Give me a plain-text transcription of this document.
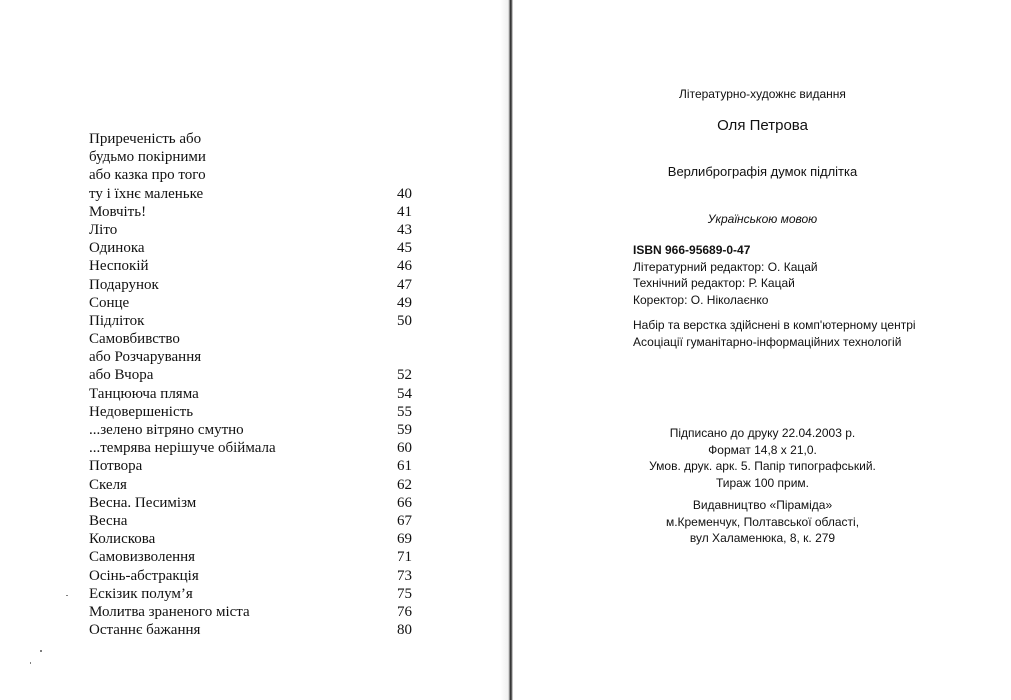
Приреченість або
будьмо покірними
або казка про того
ту і їхнє маленьке	40
Мовчіть!	41
Літо	43
Одинока	45
Неспокій	46
Подарунок	47
Сонце	49
Підліток	50
Самовбивство
або Розчарування
або Вчора	52
Танцююча пляма	54
Недовершеність	55
...зелено вітряно смутно	59
...темрява нерішуче обіймала	60
Потвора	61
Скеля	62
Весна. Песимізм	66
Весна	67
Колискова	69
Самовизволення	71
Осінь-абстракція	73
Ескізик полум’я	75
Молитва зраненого міста	76
Останнє бажання	80
Літературно-художнє видання
Оля Петрова
Верлибрографія думок підлітка
Українською мовою
ISBN 966-95689-0-47
Літературний редактор: О. Кацай
Технічний редактор: Р. Кацай
Коректор: О. Ніколаєнко
Набір та верстка здійснені в комп'ютерному центрі
Асоціації гуманітарно-інформаційних технологій
Підписано до друку 22.04.2003 р.
Формат 14,8 х 21,0.
Умов. друк. арк. 5. Папір типографський.
Тираж 100 прим.
Видавництво «Піраміда»
м.Кременчук, Полтавської області,
вул Халаменюка, 8, к. 279
